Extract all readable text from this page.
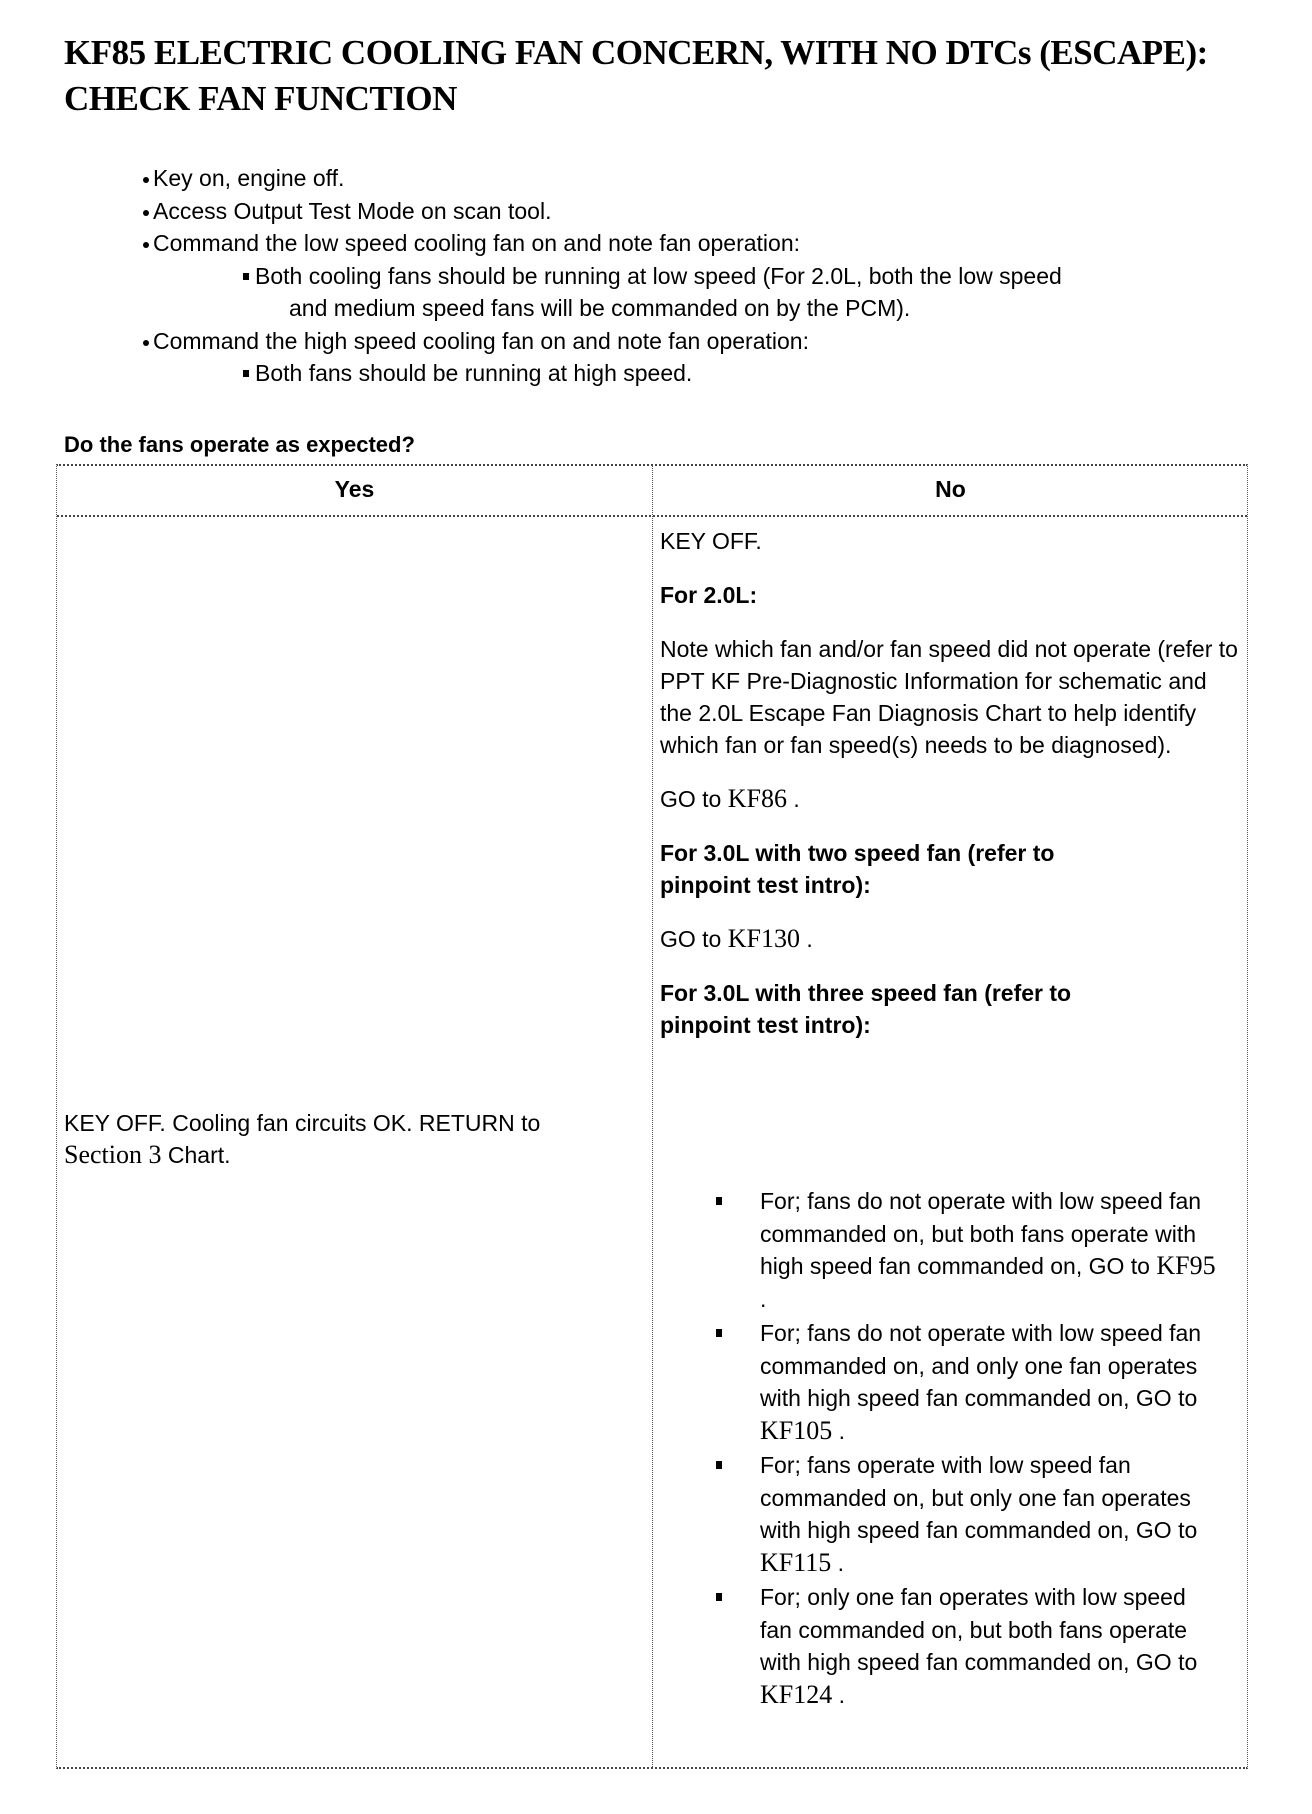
KF85 ELECTRIC COOLING FAN CONCERN, WITH NO DTCs (ESCAPE): CHECK FAN FUNCTION
Key on, engine off.
Access Output Test Mode on scan tool.
Command the low speed cooling fan on and note fan operation:
Both cooling fans should be running at low speed (For 2.0L, both the low speed
and medium speed fans will be commanded on by the PCM).
Command the high speed cooling fan on and note fan operation:
Both fans should be running at high speed.
Do the fans operate as expected?
Yes	No
KEY OFF. Cooling fan circuits OK. RETURN to Section 3 Chart.

KEY OFF.

For 2.0L:

Note which fan and/or fan speed did not operate (refer to PPT KF Pre-Diagnostic Information for schematic and the 2.0L Escape Fan Diagnosis Chart to help identify which fan or fan speed(s) needs to be diagnosed).

GO to KF86 .

For 3.0L with two speed fan (refer to pinpoint test intro):

GO to KF130 .

For 3.0L with three speed fan (refer to pinpoint test intro):

For; fans do not operate with low speed fan commanded on, but both fans operate with high speed fan commanded on, GO to KF95 .
For; fans do not operate with low speed fan commanded on, and only one fan operates with high speed fan commanded on, GO to KF105 .
For; fans operate with low speed fan commanded on, but only one fan operates with high speed fan commanded on, GO to KF115 .
For; only one fan operates with low speed fan commanded on, but both fans operate with high speed fan commanded on, GO to KF124 .
